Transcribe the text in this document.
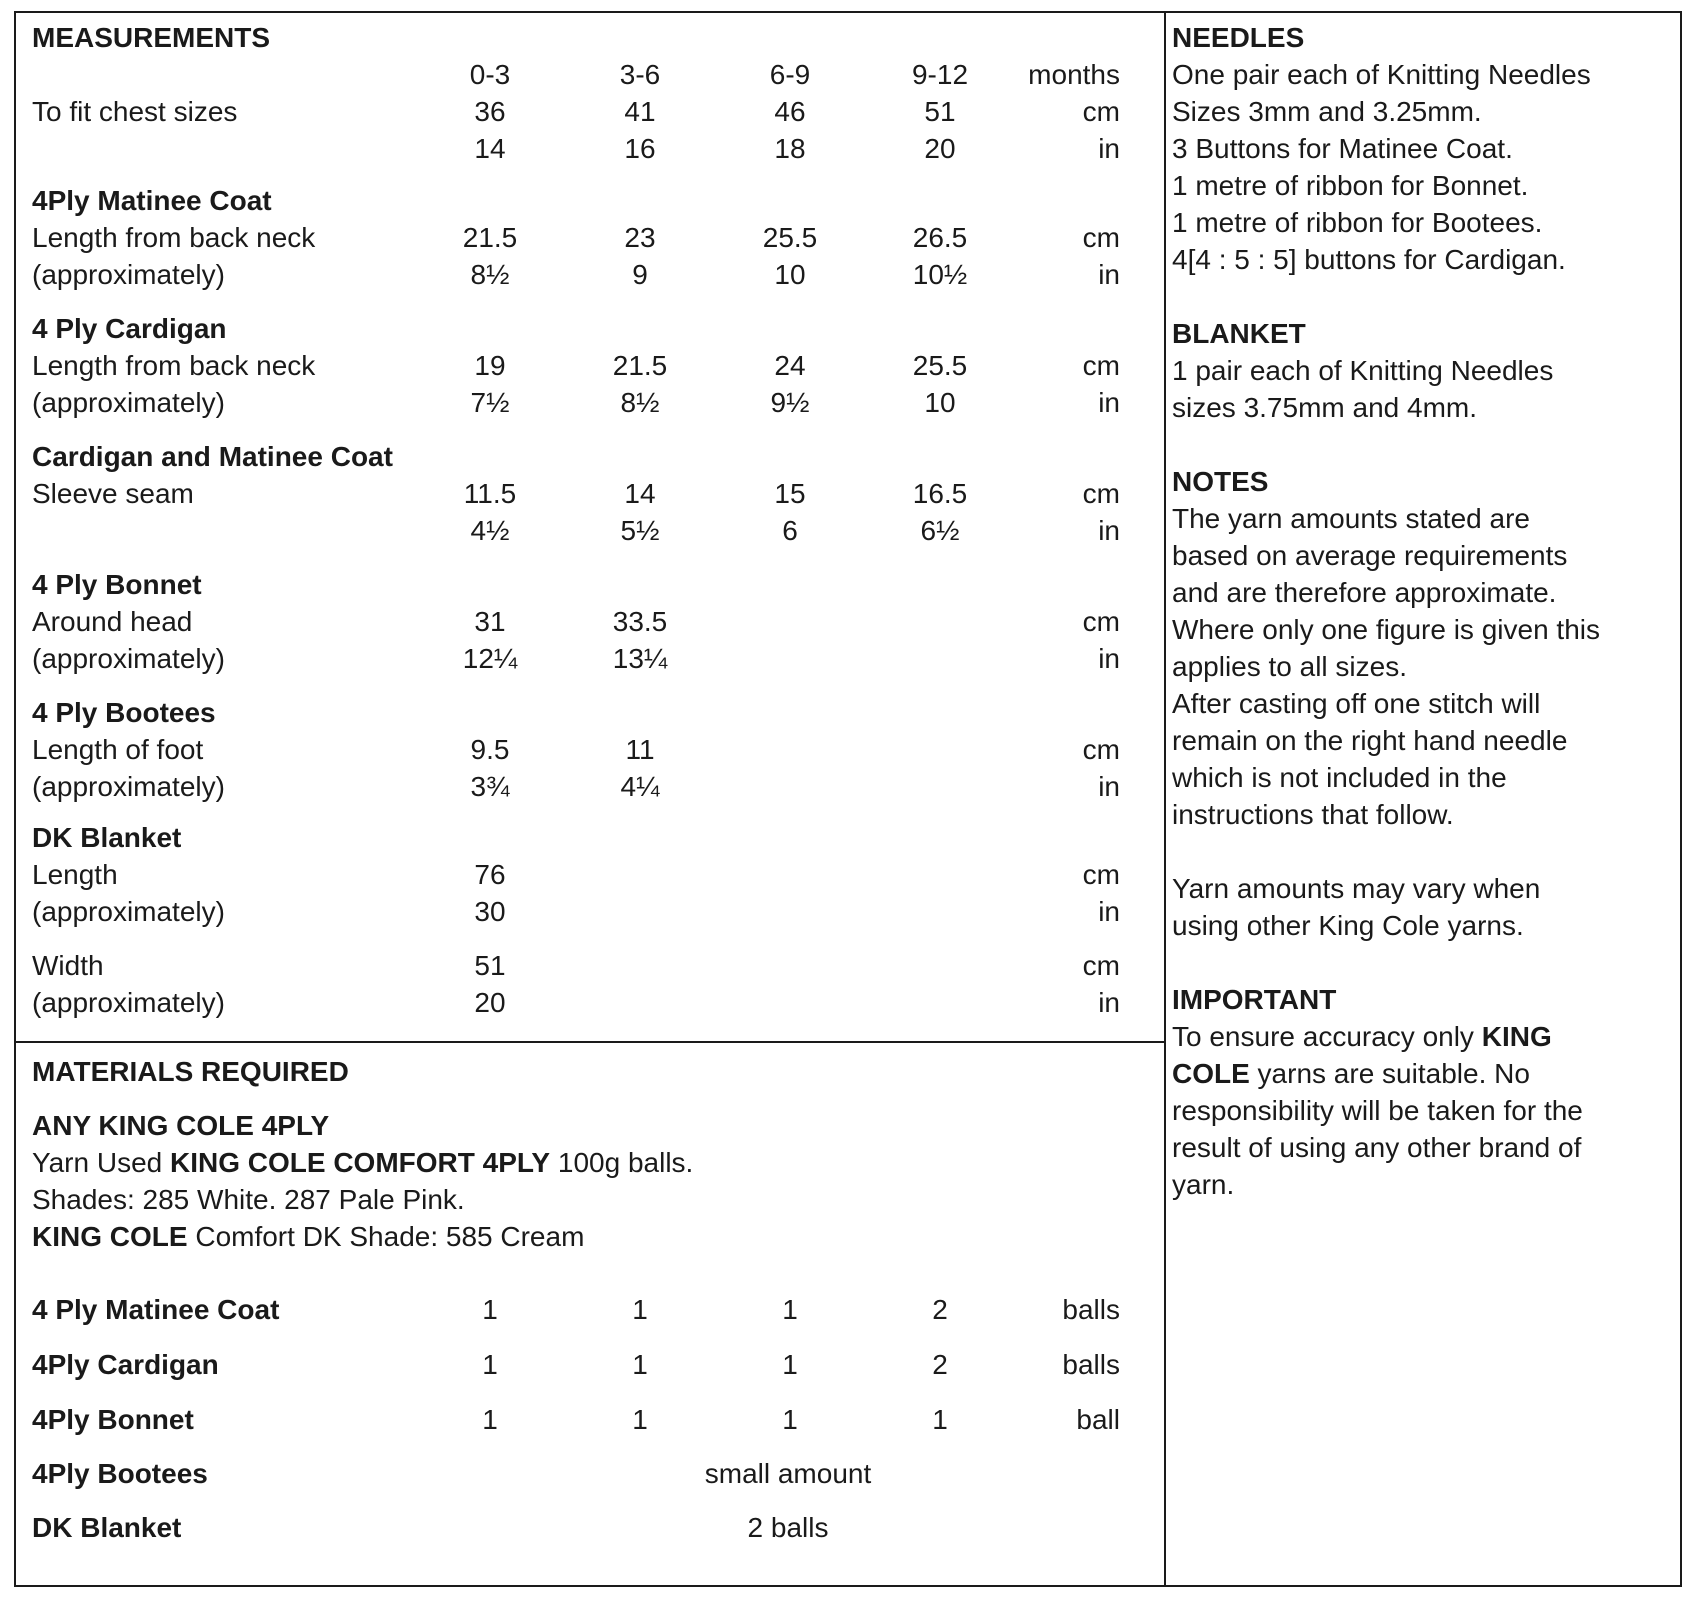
MEASUREMENTS
0-3	3-6	6-9	9-12 months
To fit chest sizes	36	41	46	51	cm
14	16	18	20	in
4Ply Matinee Coat
Length from back neck	21.5	23	25.5	26.5	cm
(approximately)	8½	9	10	10½	in
4 Ply Cardigan
Length from back neck	19	21.5	24	25.5	cm
(approximately)	7½	8½	9½	10	in
Cardigan and Matinee Coat
Sleeve seam	11.5	14	15	16.5	cm
4½	5½	6	6½	in
4 Ply Bonnet
Around head	31	33.5	cm
(approximately)	12¼	13¼	in
4 Ply Bootees
Length of foot	9.5	11	cm
(approximately)	3¾	4¼	in
DK Blanket
Length	76	cm
(approximately)	30	in
Width	51	cm
(approximately)	20	in
MATERIALS REQUIRED
ANY KING COLE 4PLY
Yarn Used KING COLE COMFORT 4PLY 100g balls.
Shades: 285 White. 287 Pale Pink.
KING COLE Comfort DK Shade: 585 Cream
4 Ply Matinee Coat	1	1	1	2	balls
4Ply Cardigan	1	1	1	2	balls
4Ply Bonnet	1	1	1	1	ball
4Ply Bootees	small amount
DK Blanket	2 balls
NEEDLES
One pair each of Knitting Needles
Sizes 3mm and 3.25mm.
3 Buttons for Matinee Coat.
1 metre of ribbon for Bonnet.
1 metre of ribbon for Bootees.
4[4 : 5 : 5] buttons for Cardigan.
BLANKET
1 pair each of Knitting Needles
sizes 3.75mm and 4mm.
NOTES
The yarn amounts stated are
based on average requirements
and are therefore approximate.
Where only one figure is given this
applies to all sizes.
After casting off one stitch will
remain on the right hand needle
which is not included in the
instructions that follow.
Yarn amounts may vary when
using other King Cole yarns.
IMPORTANT
To ensure accuracy only KING
COLE yarns are suitable. No
responsibility will be taken for the
result of using any other brand of
yarn.
